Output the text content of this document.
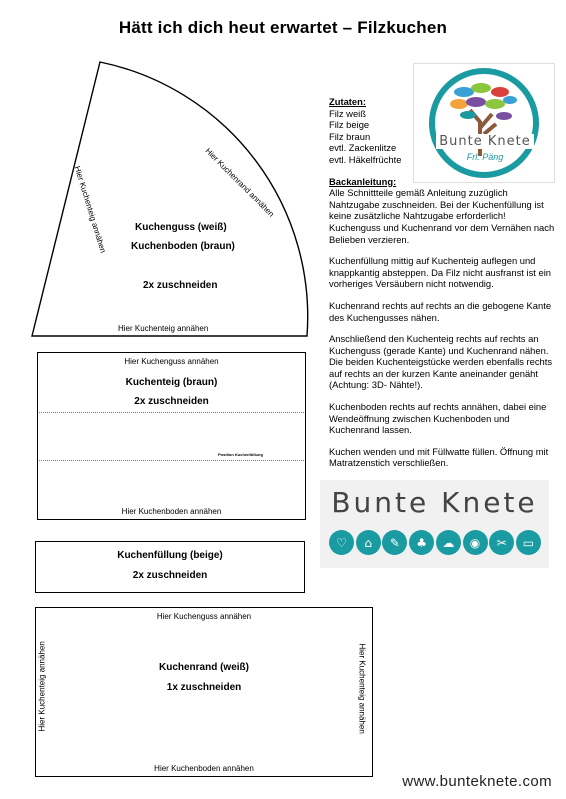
Hätt ich dich heut erwartet – Filzkuchen
Hier Kuchenteig annähen	Hier Kuchenrand annähen
Kuchenguss (weiß)
Kuchenboden (braun)
2x zuschneiden
Hier Kuchenteig annähen
Hier Kuchenguss annähen
Kuchenteig (braun)
2x zuschneiden
Position Kuchenfüllung
Hier Kuchenboden annähen
Kuchenfüllung (beige)
2x zuschneiden
Hier Kuchenguss annähen
Hier Kuchenteig annähen	Hier Kuchenteig annähen
Kuchenrand (weiß)
1x zuschneiden
Hier Kuchenboden annähen
Bunte Knete
Frl. Päng

Zutaten:
Filz weiß
Filz beige
Filz braun
evtl. Zackenlitze
evtl. Häkelfrüchte

Backanleitung:
Alle Schnittteile gemäß Anleitung zuzüglich Nahtzugabe zuschneiden. Bei der Kuchenfüllung ist keine zusätzliche Nahtzugabe erforderlich! Kuchenguss und Kuchenrand vor dem Vernähen nach Belieben verzieren.

Kuchenfüllung mittig auf Kuchenteig auflegen und knappkantig absteppen. Da Filz nicht ausfranst ist ein vorheriges Versäubern nicht notwendig.

Kuchenrand rechts auf rechts an die gebogene Kante des Kuchengusses nähen.

Anschließend den Kuchenteig rechts auf rechts an Kuchenguss (gerade Kante) und Kuchenrand nähen. Die beiden Kuchenteigstücke werden ebenfalls rechts auf rechts an der kurzen Kante aneinander genäht (Achtung: 3D- Nähte!).

Kuchenboden rechts auf rechts annähen, dabei eine Wendeöffnung zwischen Kuchenboden und Kuchenrand lassen.

Kuchen wenden und mit Füllwatte füllen. Öffnung mit Matratzenstich verschließen.

Bunte Knete
♡	⌂	✎	♣	☁	◉	✂	▭
www.bunteknete.com
